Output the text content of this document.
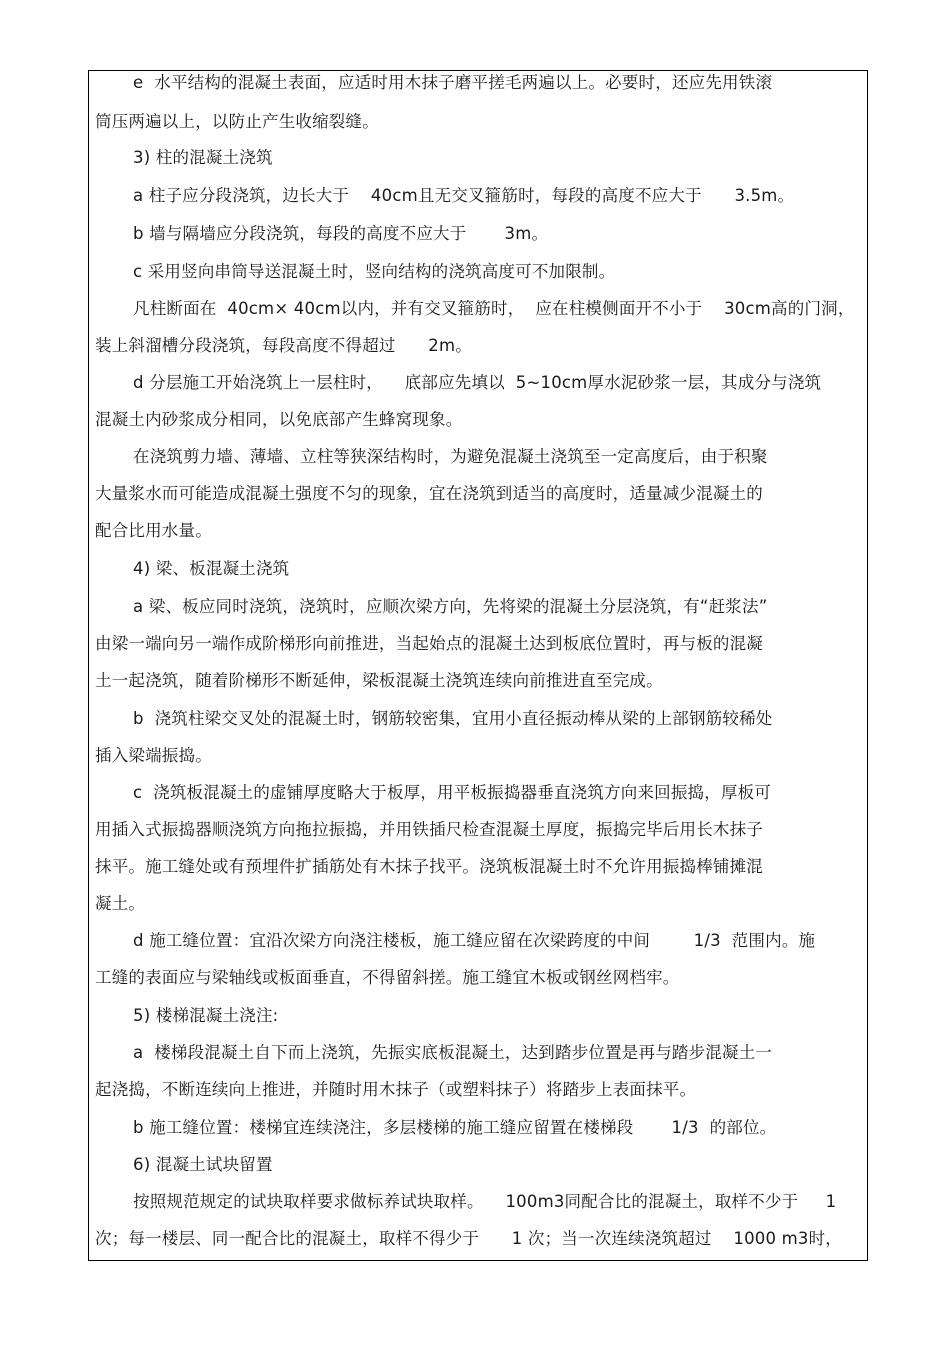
e  水平结构的混凝土表面，应适时用木抹子磨平搓毛两遍以上。必要时，还应先用铁滚
筒压两遍以上，以防止产生收缩裂缝。
3) 柱的混凝土浇筑
a 柱子应分段浇筑，边长大于    40cm且无交叉箍筋时，每段的高度不应大于      3.5m。
b 墙与隔墙应分段浇筑，每段的高度不应大于       3m。
c 采用竖向串筒导送混凝土时，竖向结构的浇筑高度可不加限制。
凡柱断面在  40cm× 40cm以内，并有交叉箍筋时，  应在柱模侧面开不小于    30cm高的门洞，
装上斜溜槽分段浇筑，每段高度不得超过      2m。
d 分层施工开始浇筑上一层柱时，    底部应先填以  5~10cm厚水泥砂浆一层，其成分与浇筑
混凝土内砂浆成分相同，以免底部产生蜂窝现象。
在浇筑剪力墙、薄墙、立柱等狭深结构时，为避免混凝土浇筑至一定高度后，由于积聚
大量浆水而可能造成混凝土强度不匀的现象，宜在浇筑到适当的高度时，适量减少混凝土的
配合比用水量。
4) 梁、板混凝土浇筑
a 梁、板应同时浇筑，浇筑时，应顺次梁方向，先将梁的混凝土分层浇筑，有“赶浆法”
由梁一端向另一端作成阶梯形向前推进，当起始点的混凝土达到板底位置时，再与板的混凝
土一起浇筑，随着阶梯形不断延伸，梁板混凝土浇筑连续向前推进直至完成。
b  浇筑柱梁交叉处的混凝土时，钢筋较密集，宜用小直径振动棒从梁的上部钢筋较稀处
插入梁端振捣。
c  浇筑板混凝土的虚铺厚度略大于板厚，用平板振捣器垂直浇筑方向来回振捣，厚板可
用插入式振捣器顺浇筑方向拖拉振捣，并用铁插尺检查混凝土厚度，振捣完毕后用长木抹子
抹平。施工缝处或有预埋件扩插筋处有木抹子找平。浇筑板混凝土时不允许用振捣棒铺摊混
凝土。
d 施工缝位置：宜沿次梁方向浇注楼板，施工缝应留在次梁跨度的中间        1/3  范围内。施
工缝的表面应与梁轴线或板面垂直，不得留斜搓。施工缝宜木板或钢丝网档牢。
5) 楼梯混凝土浇注:
a  楼梯段混凝土自下而上浇筑，先振实底板混凝土，达到踏步位置是再与踏步混凝土一
起浇捣，不断连续向上推进，并随时用木抹子（或塑料抹子）将踏步上表面抹平。
b 施工缝位置：楼梯宜连续浇注，多层楼梯的施工缝应留置在楼梯段       1/3  的部位。
6) 混凝土试块留置
按照规范规定的试块取样要求做标养试块取样。    100m3同配合比的混凝土，取样不少于     1
次；每一楼层、同一配合比的混凝土，取样不得少于      1 次；当一次连续浇筑超过    1000 m3时，
